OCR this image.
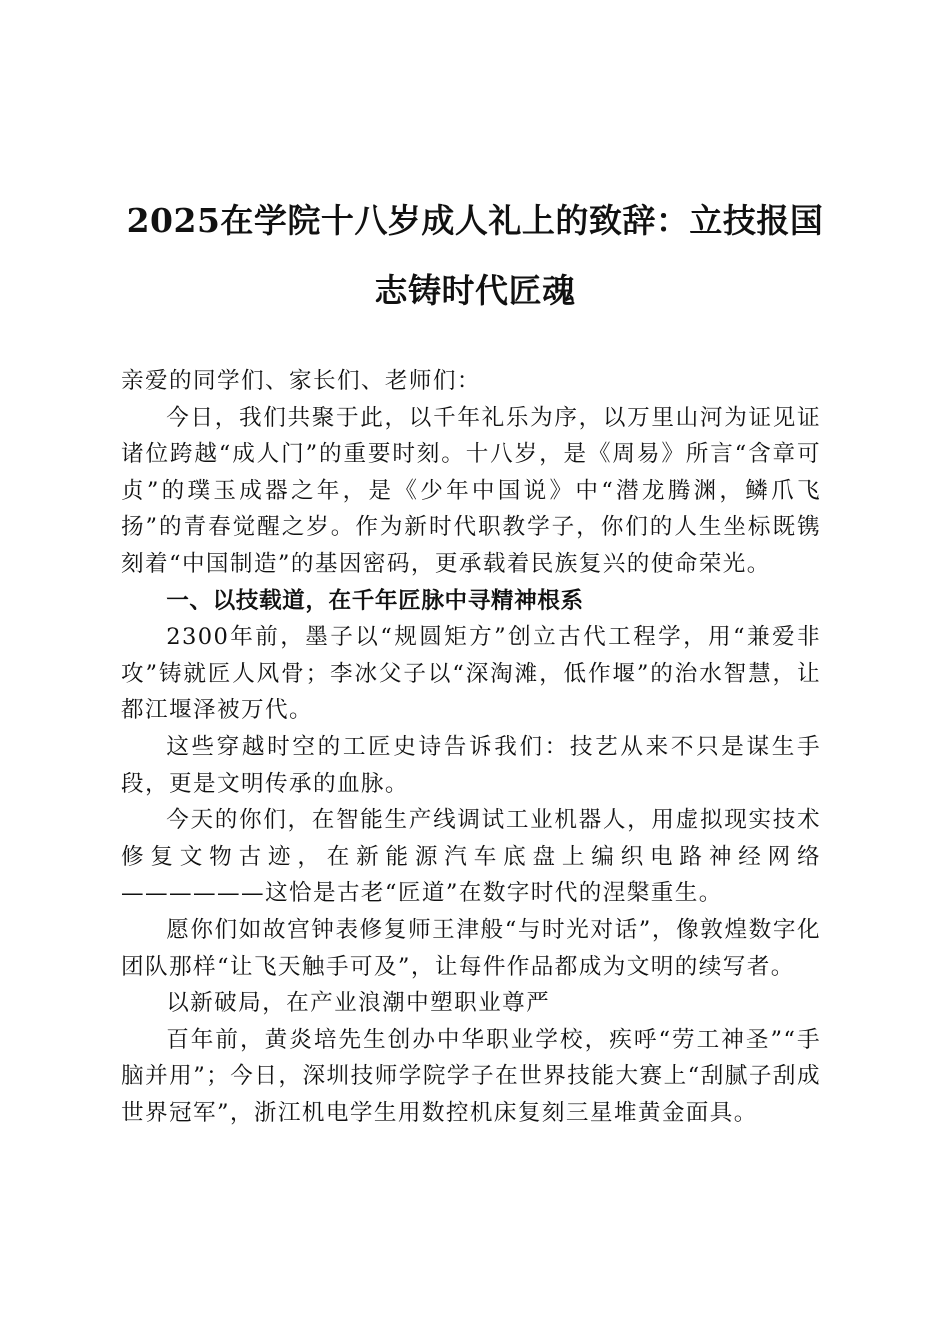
2025在学院十八岁成人礼上的致辞：立技报国志铸时代匠魂

亲爱的同学们、家长们、老师们：

今日，我们共聚于此，以千年礼乐为序，以万里山河为证见证诸位跨越“成人门”的重要时刻。十八岁，是《周易》所言“含章可贞”的璞玉成器之年，是《少年中国说》中“潜龙腾渊，鳞爪飞扬”的青春觉醒之岁。作为新时代职教学子，你们的人生坐标既镌刻着“中国制造”的基因密码，更承载着民族复兴的使命荣光。

一、以技载道，在千年匠脉中寻精神根系

2300年前，墨子以“规圆矩方”创立古代工程学，用“兼爱非攻”铸就匠人风骨；李冰父子以“深淘滩，低作堰”的治水智慧，让都江堰泽被万代。

这些穿越时空的工匠史诗告诉我们：技艺从来不只是谋生手段，更是文明传承的血脉。

今天的你们，在智能生产线调试工业机器人，用虚拟现实技术修复文物古迹，在新能源汽车底盘上编织电路神经网络——————这恰是古老“匠道”在数字时代的涅槃重生。

愿你们如故宫钟表修复师王津般“与时光对话”，像敦煌数字化团队那样“让飞天触手可及”，让每件作品都成为文明的续写者。

以新破局，在产业浪潮中塑职业尊严

百年前，黄炎培先生创办中华职业学校，疾呼“劳工神圣”“手脑并用”；今日，深圳技师学院学子在世界技能大赛上“刮腻子刮成世界冠军”，浙江机电学生用数控机床复刻三星堆黄金面具。
